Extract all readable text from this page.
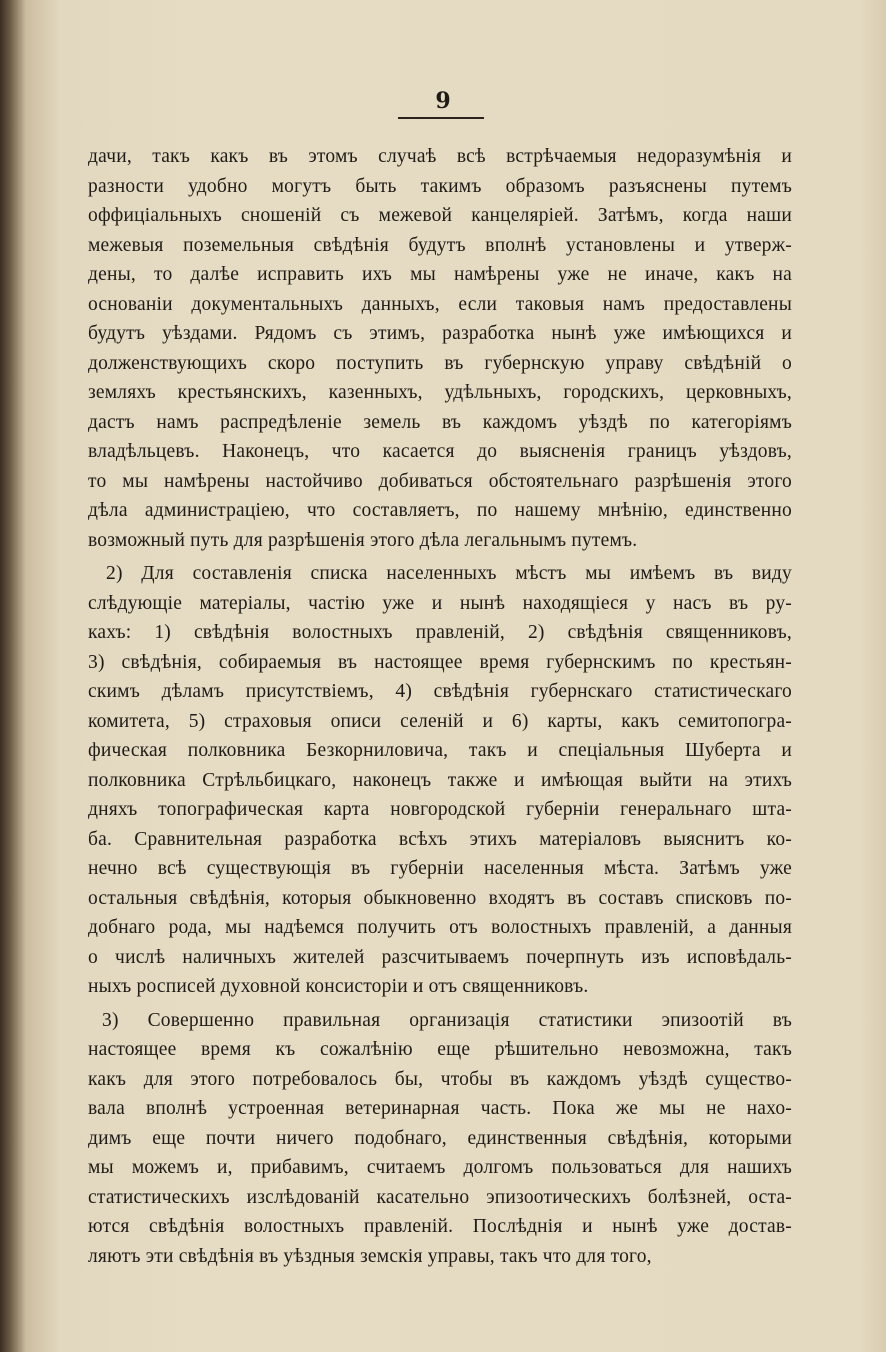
9
дачи, такъ какъ въ этомъ случаѣ всѣ встрѣчаемыя недоразумѣнія и
разности удобно могутъ быть такимъ образомъ разъяснены путемъ
оффиціальныхъ сношеній съ межевой канцеляріей. Затѣмъ, когда наши
межевыя поземельныя свѣдѣнія будутъ вполнѣ установлены и утверж-
дены, то далѣе исправить ихъ мы намѣрены уже не иначе, какъ на
основаніи документальныхъ данныхъ, если таковыя намъ предоставлены
будутъ уѣздами. Рядомъ съ этимъ, разработка нынѣ уже имѣющихся и
долженствующихъ скоро поступить въ губернскую управу свѣдѣній о
земляхъ крестьянскихъ, казенныхъ, удѣльныхъ, городскихъ, церковныхъ,
дастъ намъ распредѣленіе земель въ каждомъ уѣздѣ по категоріямъ
владѣльцевъ. Наконецъ, что касается до выясненія границъ уѣздовъ,
то мы намѣрены настойчиво добиваться обстоятельнаго разрѣшенія этого
дѣла администраціею, что составляетъ, по нашему мнѣнію, единственно
возможный путь для разрѣшенія этого дѣла легальнымъ путемъ.
2) Для составленія списка населенныхъ мѣстъ мы имѣемъ въ виду
слѣдующіе матеріалы, частію уже и нынѣ находящіеся у насъ въ ру-
кахъ: 1) свѣдѣнія волостныхъ правленій, 2) свѣдѣнія священниковъ,
3) свѣдѣнія, собираемыя въ настоящее время губернскимъ по крестьян-
скимъ дѣламъ присутствіемъ, 4) свѣдѣнія губернскаго статистическаго
комитета, 5) страховыя описи селеній и 6) карты, какъ семитопогра-
фическая полковника Безкорниловича, такъ и спеціальныя Шуберта и
полковника Стрѣльбицкаго, наконецъ также и имѣющая выйти на этихъ
дняхъ топографическая карта новгородской губерніи генеральнаго шта-
ба. Сравнительная разработка всѣхъ этихъ матеріаловъ выяснитъ ко-
нечно всѣ существующія въ губерніи населенныя мѣста. Затѣмъ уже
остальныя свѣдѣнія, которыя обыкновенно входятъ въ составъ списковъ по-
добнаго рода, мы надѣемся получить отъ волостныхъ правленій, а данныя
о числѣ наличныхъ жителей разсчитываемъ почерпнуть изъ исповѣдаль-
ныхъ росписей духовной консисторіи и отъ священниковъ.
3) Совершенно правильная организація статистики эпизоотій въ
настоящее время къ сожалѣнію еще рѣшительно невозможна, такъ
какъ для этого потребовалось бы, чтобы въ каждомъ уѣздѣ существо-
вала вполнѣ устроенная ветеринарная часть. Пока же мы не нахо-
димъ еще почти ничего подобнаго, единственныя свѣдѣнія, которыми
мы можемъ и, прибавимъ, считаемъ долгомъ пользоваться для нашихъ
статистическихъ изслѣдованій касательно эпизоотическихъ болѣзней, оста-
ются свѣдѣнія волостныхъ правленій. Послѣднія и нынѣ уже достав-
ляютъ эти свѣдѣнія въ уѣздныя земскія управы, такъ что для того,
